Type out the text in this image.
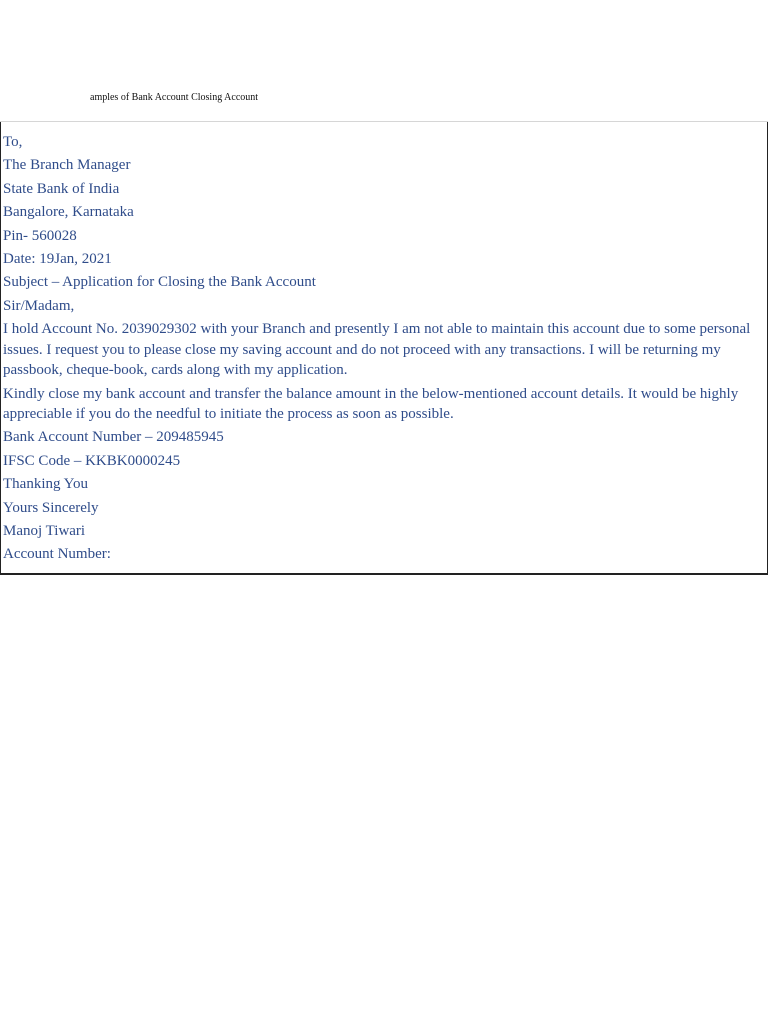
amples of Bank Account Closing Account
To,
The Branch Manager
State Bank of India
Bangalore, Karnataka
Pin- 560028
Date: 19Jan, 2021
Subject – Application for Closing the Bank Account
Sir/Madam,
I hold Account No. 2039029302 with your Branch and presently I am not able to maintain this account due to some personal issues. I request you to please close my saving account and do not proceed with any transactions. I will be returning my passbook, cheque-book, cards along with my application.
Kindly close my bank account and transfer the balance amount in the below-mentioned account details. It would be highly appreciable if you do the needful to initiate the process as soon as possible.
Bank Account Number – 209485945
IFSC Code – KKBK0000245
Thanking You
Yours Sincerely
Manoj Tiwari
Account Number:
